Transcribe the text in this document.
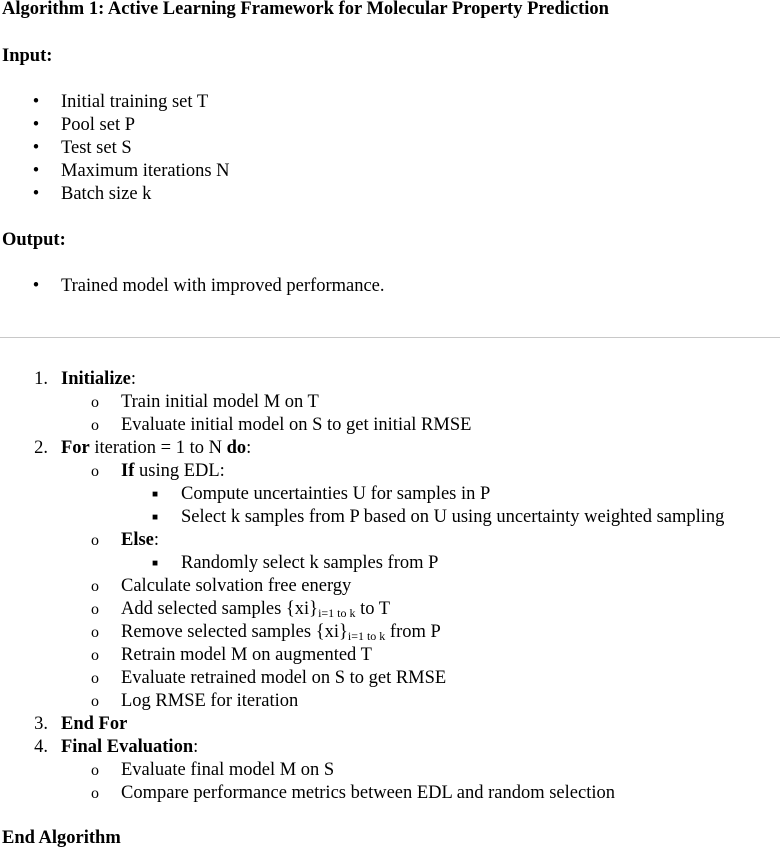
Algorithm 1: Active Learning Framework for Molecular Property Prediction
Input:
• Initial training set T
• Pool set P
• Test set S
• Maximum iterations N
• Batch size k
Output:
• Trained model with improved performance.
1. Initialize:
o Train initial model M on T
o Evaluate initial model on S to get initial RMSE
2. For iteration = 1 to N do:
o If using EDL:
■ Compute uncertainties U for samples in P
■ Select k samples from P based on U using uncertainty weighted sampling
o Else:
■ Randomly select k samples from P
o Calculate solvation free energy
o Add selected samples $\{xi\}_{i=1 to k}$ to T
o Remove selected samples $\{xi\}_{i=1 to k}$ from P
o Retrain model M on augmented T
o Evaluate retrained model on S to get RMSE
o Log RMSE for iteration
3. End For
4. Final Evaluation:
o Evaluate final model M on S
o Compare performance metrics between EDL and random selection
End Algorithm
